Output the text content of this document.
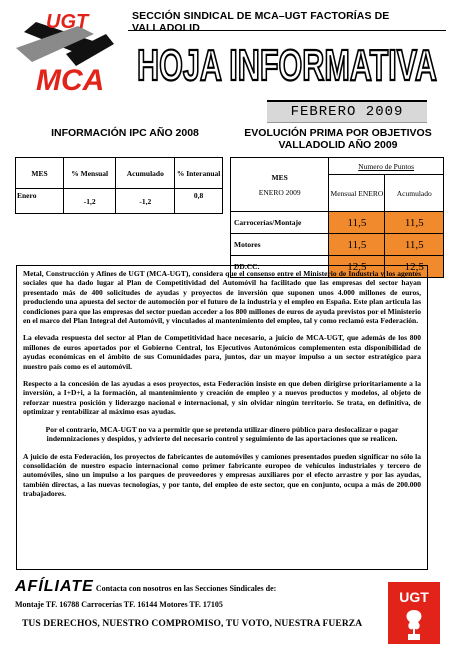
UGT
MCA
SECCIÓN SINDICAL DE MCA–UGT FACTORÍAS DE VALLADOLID
HOJA INFORMATIVA
FEBRERO 2009
INFORMACIÓN IPC AÑO 2008	EVOLUCIÓN PRIMA POR OBJETIVOS
VALLADOLID AÑO 2009
MES	% Mensual	Acumulado	% Interanual
Enero	-1,2	-1,2	0,8
MES
ENERO 2009	Numero de Puntos	
	Mensual ENERO	Acumulado
Carrocerías/Montaje	11,5	11,5
Motores	11,5	11,5
DD.CC.	12,5	12,5

Metal, Construcción y Afines de UGT (MCA-UGT), considera que el consenso entre el Ministerio de Industria y los agentes sociales que ha dado lugar al Plan de Competitividad del Automóvil ha facilitado que las empresas del sector hayan presentado más de 400 solicitudes de ayudas y proyectos de inversión que suponen unos 4.000 millones de euros, produciendo una apuesta del sector de automoción por el futuro de la industria y el empleo en España. Este plan articula las condiciones para que las empresas del sector puedan acceder a los 800 millones de euros de ayuda previstos por el Ministerio en el marco del Plan Integral del Automóvil, y vinculados al mantenimiento del empleo, tal y como reclamó esta Federación.

La elevada respuesta del sector al Plan de Competitividad hace necesario, a juicio de MCA-UGT, que además de los 800 millones de euros aportados por el Gobierno Central, los Ejecutivos Autonómicos complementen esta disponibilidad de ayudas económicas en el ámbito de sus Comunidades para, juntos, dar un mayor impulso a un sector estratégico para nuestro país como es el automóvil.

Respecto a la concesión de las ayudas a esos proyectos, esta Federación insiste en que deben dirigirse prioritariamente a la inversión, a I+D+i, a la formación, al mantenimiento y creación de empleo y a nuevos productos y modelos, al objeto de reforzar nuestra posición y liderazgo nacional e internacional, y sin olvidar ningún territorio. Se trata, en definitiva, de optimizar y rentabilizar al máximo esas ayudas.

Por el contrario, MCA-UGT no va a permitir que se pretenda utilizar dinero público para deslocalizar o pagar indemnizaciones y despidos, y advierte del necesario control y seguimiento de las aportaciones que se realicen.

A juicio de esta Federación, los proyectos de fabricantes de automóviles y camiones presentados pueden significar no sólo la consolidación de nuestro espacio internacional como primer fabricante europeo de vehículos industriales y tercero de automóviles, sino un impulso a los parques de proveedores y empresas auxiliares por el efecto arrastre y por las ayudas, también directas, a las nuevas tecnologías, y por tanto, del empleo de este sector, que en conjunto, ocupa a más de 200.000 trabajadores.

AFÍLIATE Contacta con nosotros en las Secciones Sindicales de:
Montaje TF. 16788 Carrocerías TF. 16144 Motores TF. 17105
TUS DERECHOS, NUESTRO COMPROMISO, TU VOTO, NUESTRA FUERZA
UGT
